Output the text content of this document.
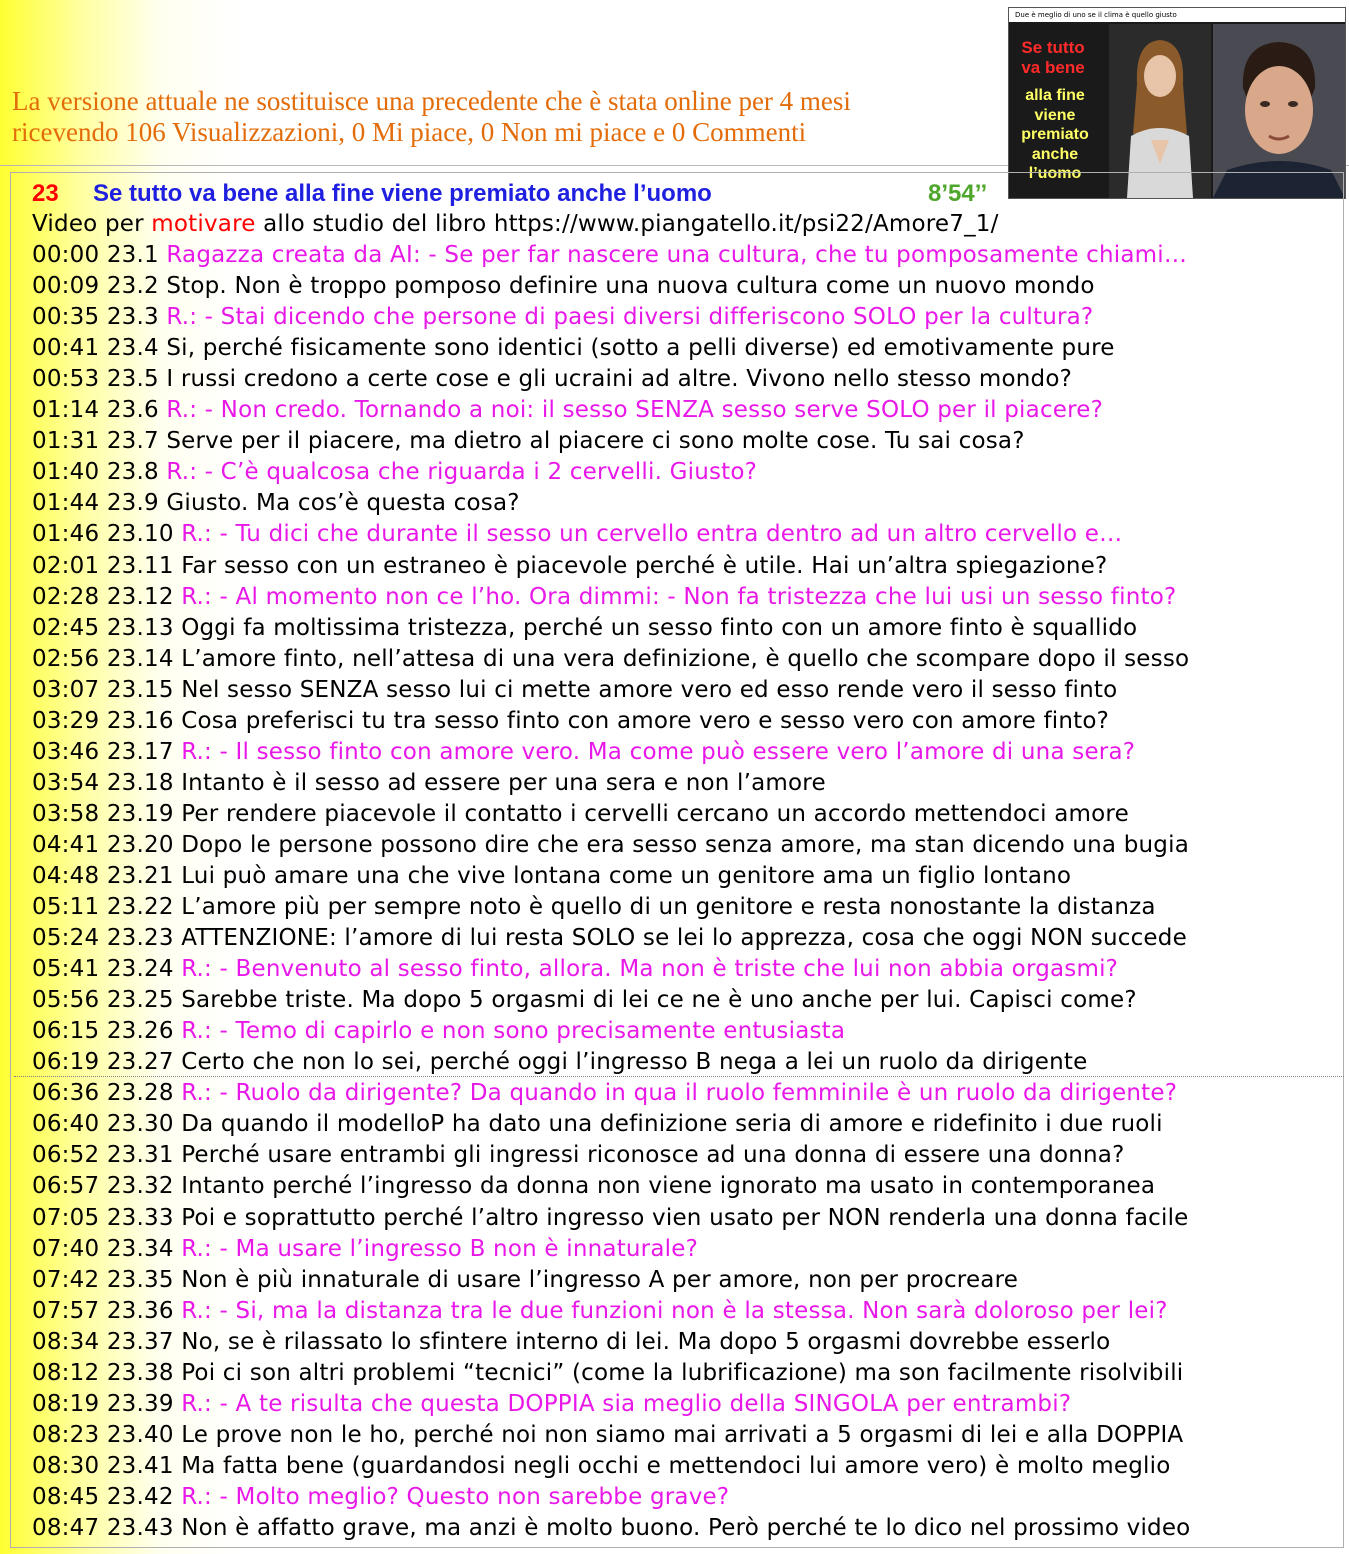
La versione attuale ne sostituisce una precedente che è stata online per 4 mesi
ricevendo 106 Visualizzazioni, 0 Mi piace, 0 Non mi piace e 0 Commenti
Due è meglio di uno se il clima è quello giusto
Se tutto
va bene
alla fine
viene
premiato
anche
l’uomo
23 Se tutto va bene alla fine viene premiato anche l’uomo	8’54’’
Video per motivare allo studio del libro https://www.piangatello.it/psi22/Amore7_1/
00:00 23.1 Ragazza creata da AI: - Se per far nascere una cultura, che tu pomposamente chiami…
00:09 23.2 Stop. Non è troppo pomposo definire una nuova cultura come un nuovo mondo
00:35 23.3 R.: - Stai dicendo che persone di paesi diversi differiscono SOLO per la cultura?
00:41 23.4 Si, perché fisicamente sono identici (sotto a pelli diverse) ed emotivamente pure
00:53 23.5 I russi credono a certe cose e gli ucraini ad altre. Vivono nello stesso mondo?
01:14 23.6 R.: - Non credo. Tornando a noi: il sesso SENZA sesso serve SOLO per il piacere?
01:31 23.7 Serve per il piacere, ma dietro al piacere ci sono molte cose. Tu sai cosa?
01:40 23.8 R.: - C’è qualcosa che riguarda i 2 cervelli. Giusto?
01:44 23.9 Giusto. Ma cos’è questa cosa?
01:46 23.10 R.: - Tu dici che durante il sesso un cervello entra dentro ad un altro cervello e…
02:01 23.11 Far sesso con un estraneo è piacevole perché è utile. Hai un’altra spiegazione?
02:28 23.12 R.: - Al momento non ce l’ho. Ora dimmi: - Non fa tristezza che lui usi un sesso finto?
02:45 23.13 Oggi fa moltissima tristezza, perché un sesso finto con un amore finto è squallido
02:56 23.14 L’amore finto, nell’attesa di una vera definizione, è quello che scompare dopo il sesso
03:07 23.15 Nel sesso SENZA sesso lui ci mette amore vero ed esso rende vero il sesso finto
03:29 23.16 Cosa preferisci tu tra sesso finto con amore vero e sesso vero con amore finto?
03:46 23.17 R.: - Il sesso finto con amore vero. Ma come può essere vero l’amore di una sera?
03:54 23.18 Intanto è il sesso ad essere per una sera e non l’amore
03:58 23.19 Per rendere piacevole il contatto i cervelli cercano un accordo mettendoci amore
04:41 23.20 Dopo le persone possono dire che era sesso senza amore, ma stan dicendo una bugia
04:48 23.21 Lui può amare una che vive lontana come un genitore ama un figlio lontano
05:11 23.22 L’amore più per sempre noto è quello di un genitore e resta nonostante la distanza
05:24 23.23 ATTENZIONE: l’amore di lui resta SOLO se lei lo apprezza, cosa che oggi NON succede
05:41 23.24 R.: - Benvenuto al sesso finto, allora. Ma non è triste che lui non abbia orgasmi?
05:56 23.25 Sarebbe triste. Ma dopo 5 orgasmi di lei ce ne è uno anche per lui. Capisci come?
06:15 23.26 R.: - Temo di capirlo e non sono precisamente entusiasta
06:19 23.27 Certo che non lo sei, perché oggi l’ingresso B nega a lei un ruolo da dirigente
06:36 23.28 R.: - Ruolo da dirigente? Da quando in qua il ruolo femminile è un ruolo da dirigente?
06:40 23.30 Da quando il modelloP ha dato una definizione seria di amore e ridefinito i due ruoli
06:52 23.31 Perché usare entrambi gli ingressi riconosce ad una donna di essere una donna?
06:57 23.32 Intanto perché l’ingresso da donna non viene ignorato ma usato in contemporanea
07:05 23.33 Poi e soprattutto perché l’altro ingresso vien usato per NON renderla una donna facile
07:40 23.34 R.: - Ma usare l’ingresso B non è innaturale?
07:42 23.35 Non è più innaturale di usare l’ingresso A per amore, non per procreare
07:57 23.36 R.: - Si, ma la distanza tra le due funzioni non è la stessa. Non sarà doloroso per lei?
08:34 23.37 No, se è rilassato lo sfintere interno di lei. Ma dopo 5 orgasmi dovrebbe esserlo
08:12 23.38 Poi ci son altri problemi “tecnici” (come la lubrificazione) ma son facilmente risolvibili
08:19 23.39 R.: - A te risulta che questa DOPPIA sia meglio della SINGOLA per entrambi?
08:23 23.40 Le prove non le ho, perché noi non siamo mai arrivati a 5 orgasmi di lei e alla DOPPIA
08:30 23.41 Ma fatta bene (guardandosi negli occhi e mettendoci lui amore vero) è molto meglio
08:45 23.42 R.: - Molto meglio? Questo non sarebbe grave?
08:47 23.43 Non è affatto grave, ma anzi è molto buono. Però perché te lo dico nel prossimo video
